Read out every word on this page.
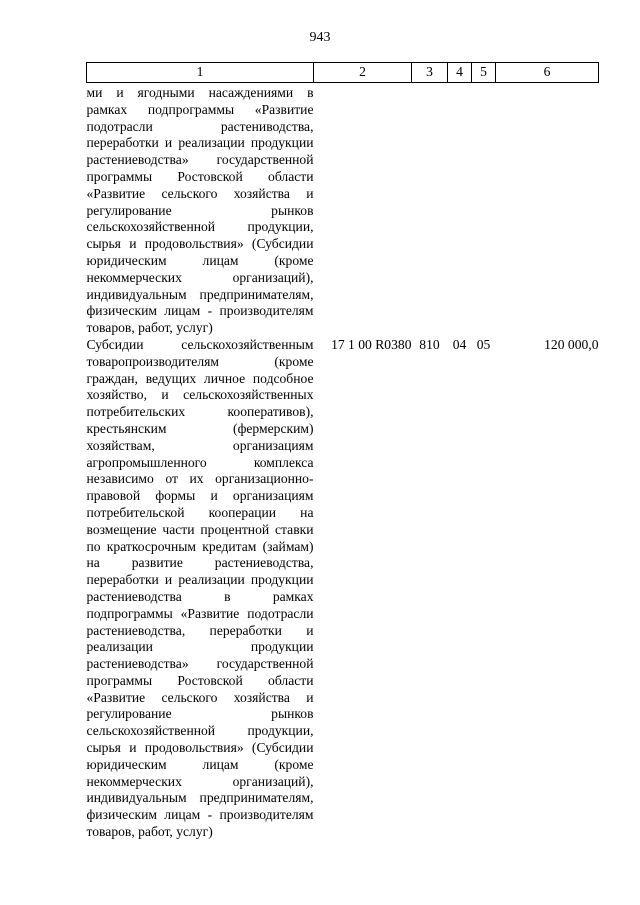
943
1	2	3	4	5	6
ми и ягодными насаждениями в рамках подпрограммы «Развитие подотрасли растениводства, переработки и реализации продукции растениеводства» государственной программы Ростовской области «Развитие сельского хозяйства и регулирование рынков сельскохозяйственной продукции, сырья и продовольствия» (Субсидии юридическим лицам (кроме некоммерческих организаций), индивидуальным предпринимателям, физическим лицам - производителям товаров, работ, услуг)					
Субсидии сельскохозяйственным товаропроизводителям (кроме граждан, ведущих личное подсобное хозяйство, и сельскохозяйственных потребительских кооперативов), крестьянским (фермерским) хозяйствам, организациям агропромышленного комплекса независимо от их организационно-правовой формы и организациям потребительской кооперации на возмещение части процентной ставки по краткосрочным кредитам (займам) на развитие растениеводства, переработки и реализации продукции растениеводства в рамках подпрограммы «Развитие подотрасли растениеводства, переработки и реализации продукции растениеводства» государственной программы Ростовской области «Развитие сельского хозяйства и регулирование рынков сельскохозяйственной продукции, сырья и продовольствия» (Субсидии юридическим лицам (кроме некоммерческих организаций), индивидуальным предпринимателям, физическим лицам - производителям товаров, работ, услуг)	17 1 00 R0380	810	04	05	120 000,0
